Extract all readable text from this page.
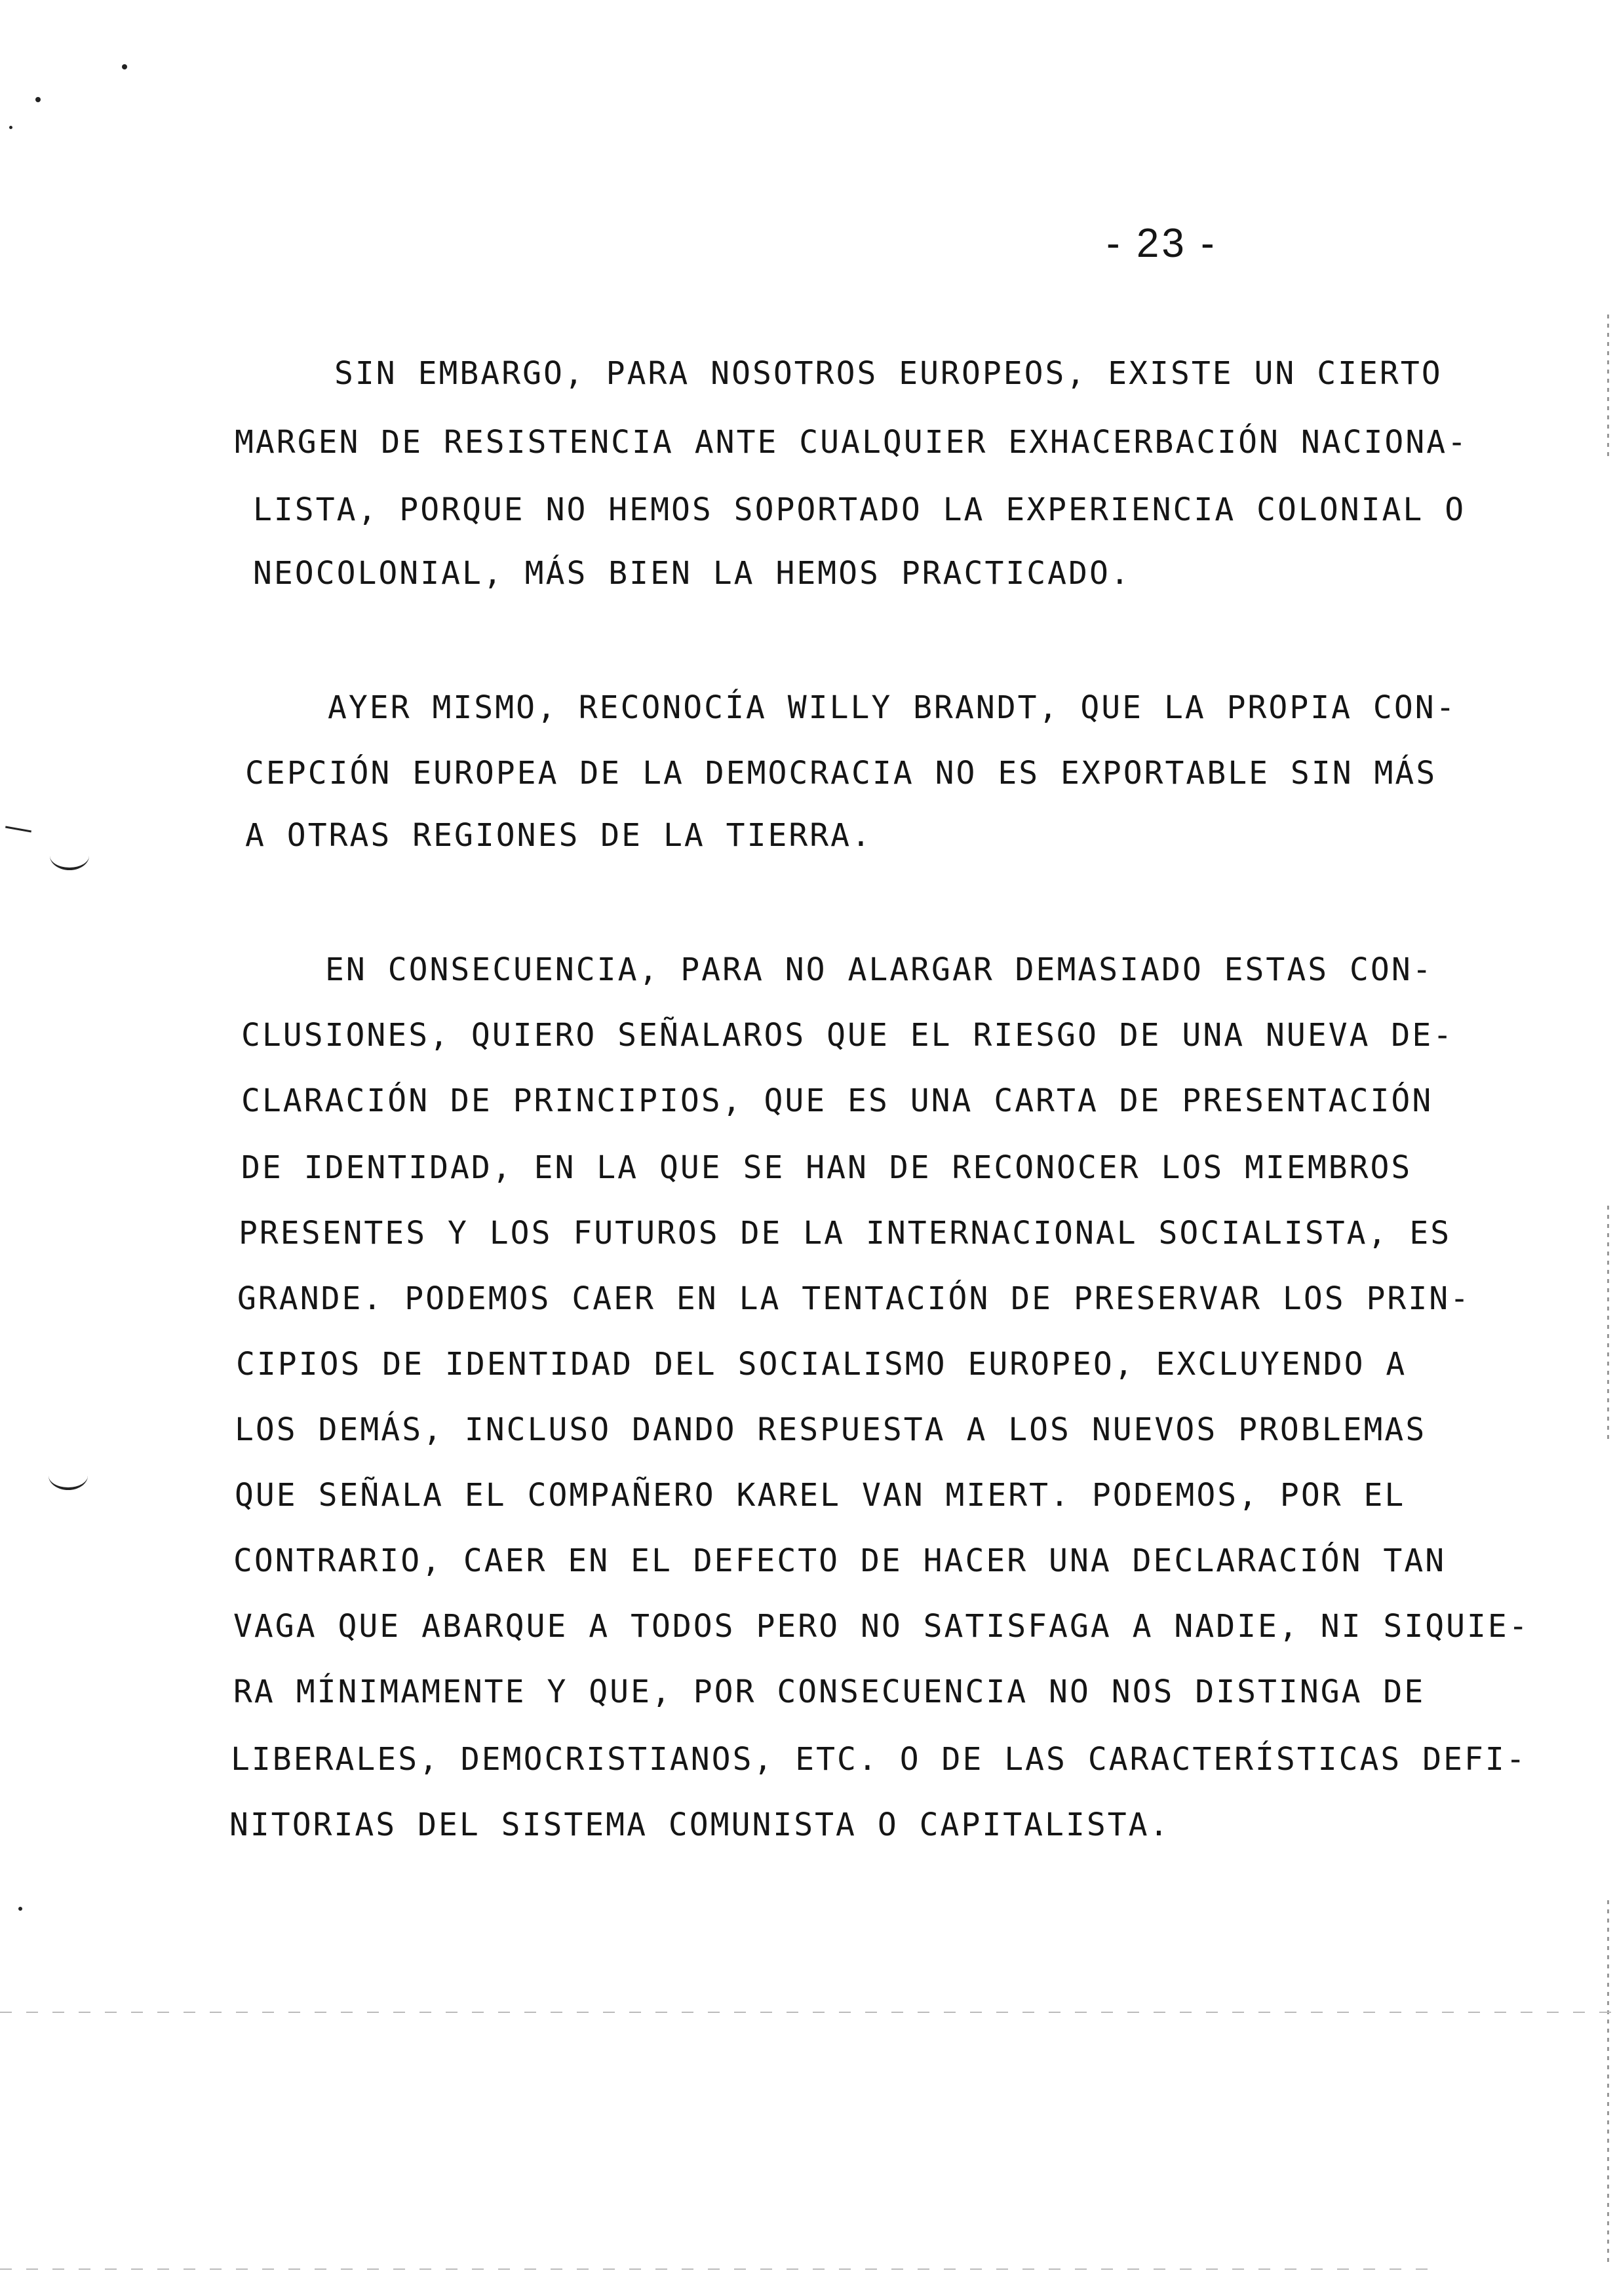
- 23 -
SIN EMBARGO, PARA NOSOTROS EUROPEOS, EXISTE UN CIERTO
MARGEN DE RESISTENCIA ANTE CUALQUIER EXHACERBACIÓN NACIONA-
LISTA, PORQUE NO HEMOS SOPORTADO LA EXPERIENCIA COLONIAL O
NEOCOLONIAL, MÁS BIEN LA HEMOS PRACTICADO.
AYER MISMO, RECONOCÍA WILLY BRANDT, QUE LA PROPIA CON-
CEPCIÓN EUROPEA DE LA DEMOCRACIA NO ES EXPORTABLE SIN MÁS
A OTRAS REGIONES DE LA TIERRA.
EN CONSECUENCIA, PARA NO ALARGAR DEMASIADO ESTAS CON-
CLUSIONES, QUIERO SEÑALAROS QUE EL RIESGO DE UNA NUEVA DE-
CLARACIÓN DE PRINCIPIOS, QUE ES UNA CARTA DE PRESENTACIÓN
DE IDENTIDAD, EN LA QUE SE HAN DE RECONOCER LOS MIEMBROS
PRESENTES Y LOS FUTUROS DE LA INTERNACIONAL SOCIALISTA, ES
GRANDE. PODEMOS CAER EN LA TENTACIÓN DE PRESERVAR LOS PRIN-
CIPIOS DE IDENTIDAD DEL SOCIALISMO EUROPEO, EXCLUYENDO A
LOS DEMÁS, INCLUSO DANDO RESPUESTA A LOS NUEVOS PROBLEMAS
QUE SEÑALA EL COMPAÑERO KAREL VAN MIERT. PODEMOS, POR EL
CONTRARIO, CAER EN EL DEFECTO DE HACER UNA DECLARACIÓN TAN
VAGA QUE ABARQUE A TODOS PERO NO SATISFAGA A NADIE, NI SIQUIE-
RA MÍNIMAMENTE Y QUE, POR CONSECUENCIA NO NOS DISTINGA DE
LIBERALES, DEMOCRISTIANOS, ETC. O DE LAS CARACTERÍSTICAS DEFI-
NITORIAS DEL SISTEMA COMUNISTA O CAPITALISTA.
